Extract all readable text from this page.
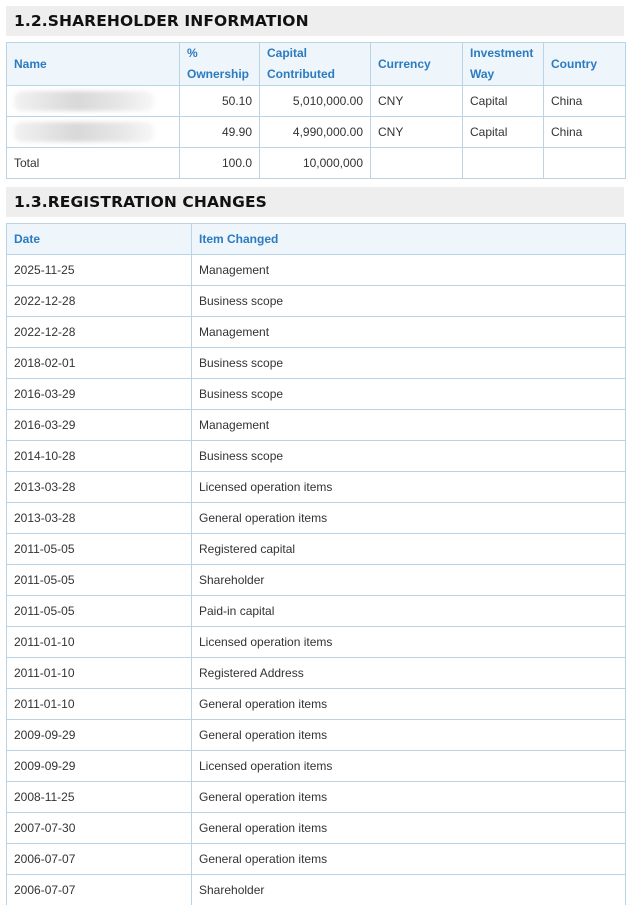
1.2.SHAREHOLDER INFORMATION
Name	% Ownership	Capital Contributed	Currency	Investment Way	Country
	50.10	5,010,000.00	CNY	Capital	China
	49.90	4,990,000.00	CNY	Capital	China
Total	100.0	10,000,000			
1.3.REGISTRATION CHANGES
Date	Item Changed
2025-11-25	Management
2022-12-28	Business scope
2022-12-28	Management
2018-02-01	Business scope
2016-03-29	Business scope
2016-03-29	Management
2014-10-28	Business scope
2013-03-28	Licensed operation items
2013-03-28	General operation items
2011-05-05	Registered capital
2011-05-05	Shareholder
2011-05-05	Paid-in capital
2011-01-10	Licensed operation items
2011-01-10	Registered Address
2011-01-10	General operation items
2009-09-29	General operation items
2009-09-29	Licensed operation items
2008-11-25	General operation items
2007-07-30	General operation items
2006-07-07	General operation items
2006-07-07	Shareholder
